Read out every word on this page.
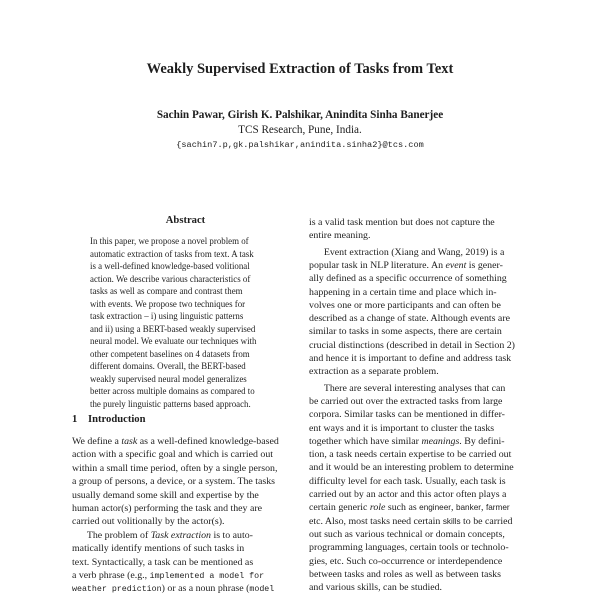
Weakly Supervised Extraction of Tasks from Text
Sachin Pawar, Girish K. Palshikar, Anindita Sinha Banerjee
TCS Research, Pune, India.
{sachin7.p,gk.palshikar,anindita.sinha2}@tcs.com
Abstract
In this paper, we propose a novel problem of
automatic extraction of tasks from text. A task
is a well-defined knowledge-based volitional
action. We describe various characteristics of
tasks as well as compare and contrast them
with events. We propose two techniques for
task extraction – i) using linguistic patterns
and ii) using a BERT-based weakly supervised
neural model. We evaluate our techniques with
other competent baselines on 4 datasets from
different domains. Overall, the BERT-based
weakly supervised neural model generalizes
better across multiple domains as compared to
the purely linguistic patterns based approach.
1 Introduction
We define a task as a well-defined knowledge-based
action with a specific goal and which is carried out
within a small time period, often by a single person,
a group of persons, a device, or a system. The tasks
usually demand some skill and expertise by the
human actor(s) performing the task and they are
carried out volitionally by the actor(s).
  The problem of Task extraction is to auto-
matically identify mentions of such tasks in
text. Syntactically, a task can be mentioned as
a verb phrase (e.g., implemented a model for
weather prediction) or as a noun phrase (model
is a valid task mention but does not capture the
entire meaning.
  Event extraction (Xiang and Wang, 2019) is a
popular task in NLP literature. An event is gener-
ally defined as a specific occurrence of something
happening in a certain time and place which in-
volves one or more participants and can often be
described as a change of state. Although events are
similar to tasks in some aspects, there are certain
crucial distinctions (described in detail in Section 2)
and hence it is important to define and address task
extraction as a separate problem.
  There are several interesting analyses that can
be carried out over the extracted tasks from large
corpora. Similar tasks can be mentioned in differ-
ent ways and it is important to cluster the tasks
together which have similar meanings. By defini-
tion, a task needs certain expertise to be carried out
and it would be an interesting problem to determine
difficulty level for each task. Usually, each task is
carried out by an actor and this actor often plays a
certain generic role such as engineer, banker, farmer
etc. Also, most tasks need certain skills to be carried
out such as various technical or domain concepts,
programming languages, certain tools or technolo-
gies, etc. Such co-occurrence or interdependence
between tasks and roles as well as between tasks
and various skills, can be studied.
